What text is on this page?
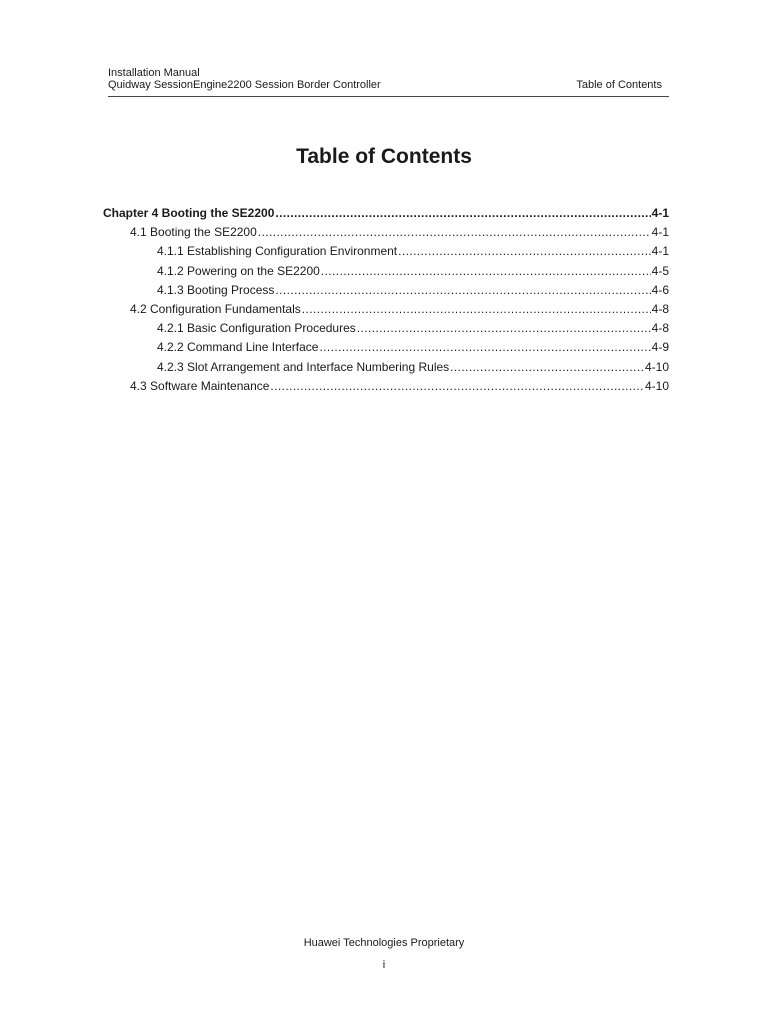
Installation Manual
Quidway SessionEngine2200 Session Border Controller	Table of Contents
Table of Contents
Chapter 4 Booting the SE2200 .....	4-1
4.1 Booting the SE2200 .....	4-1
4.1.1 Establishing Configuration Environment .....	4-1
4.1.2 Powering on the SE2200 .....	4-5
4.1.3 Booting Process .....	4-6
4.2 Configuration Fundamentals .....	4-8
4.2.1 Basic Configuration Procedures .....	4-8
4.2.2 Command Line Interface .....	4-9
4.2.3 Slot Arrangement and Interface Numbering Rules .....	4-10
4.3 Software Maintenance .....	4-10
Huawei Technologies Proprietary
i
